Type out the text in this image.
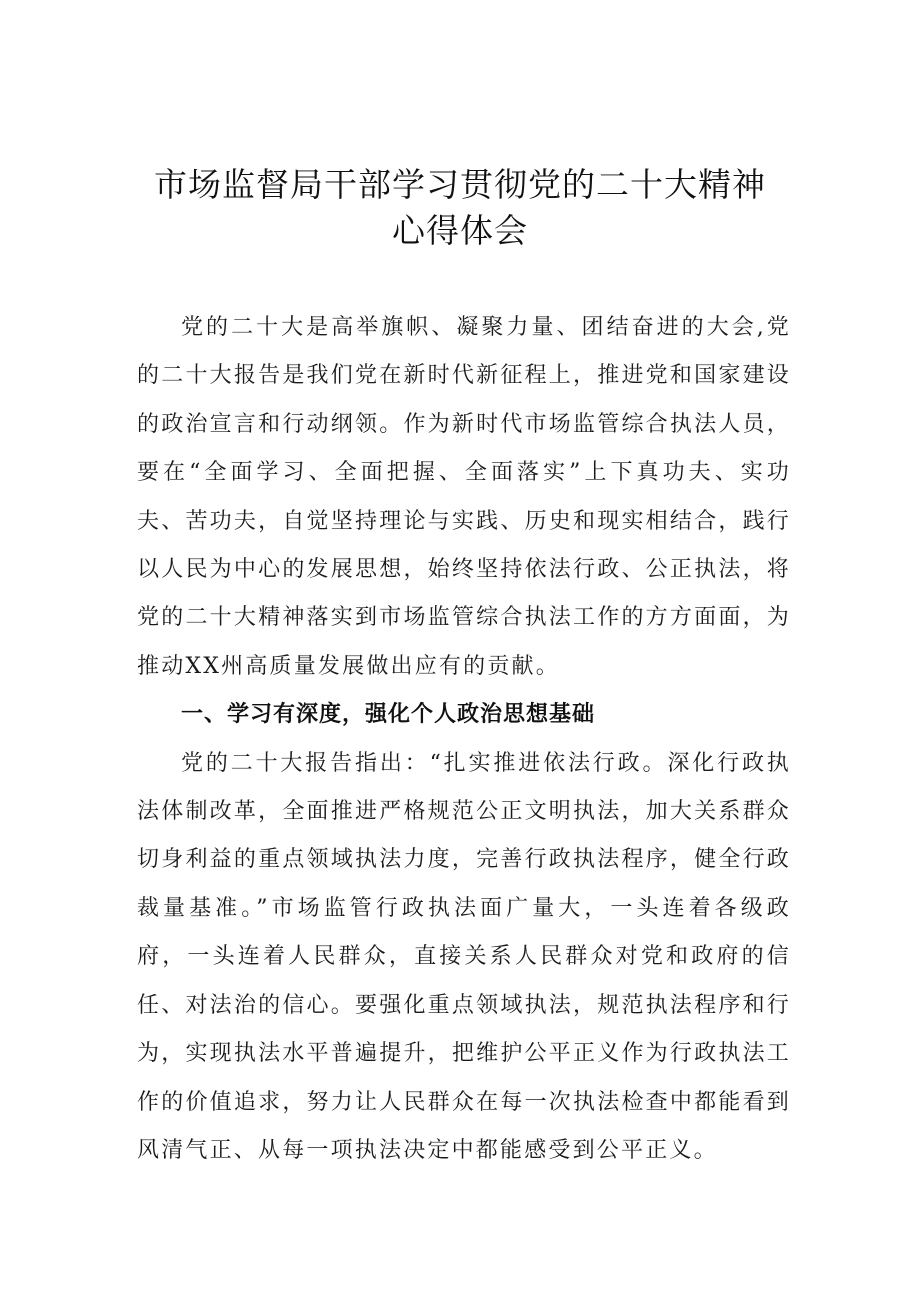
市场监督局干部学习贯彻党的二十大精神
心得体会

党的二十大是高举旗帜、凝聚力量、团结奋进的大会,党的二十大报告是我们党在新时代新征程上，推进党和国家建设的政治宣言和行动纲领。作为新时代市场监管综合执法人员，要在“全面学习、全面把握、全面落实”上下真功夫、实功夫、苦功夫，自觉坚持理论与实践、历史和现实相结合，践行以人民为中心的发展思想，始终坚持依法行政、公正执法，将党的二十大精神落实到市场监管综合执法工作的方方面面，为推动XX州高质量发展做出应有的贡献。

一、学习有深度，强化个人政治思想基础

党的二十大报告指出：“扎实推进依法行政。深化行政执法体制改革，全面推进严格规范公正文明执法，加大关系群众切身利益的重点领域执法力度，完善行政执法程序，健全行政裁量基准。”市场监管行政执法面广量大，一头连着各级政府，一头连着人民群众，直接关系人民群众对党和政府的信任、对法治的信心。要强化重点领域执法，规范执法程序和行为，实现执法水平普遍提升，把维护公平正义作为行政执法工作的价值追求，努力让人民群众在每一次执法检查中都能看到风清气正、从每一项执法决定中都能感受到公平正义。
